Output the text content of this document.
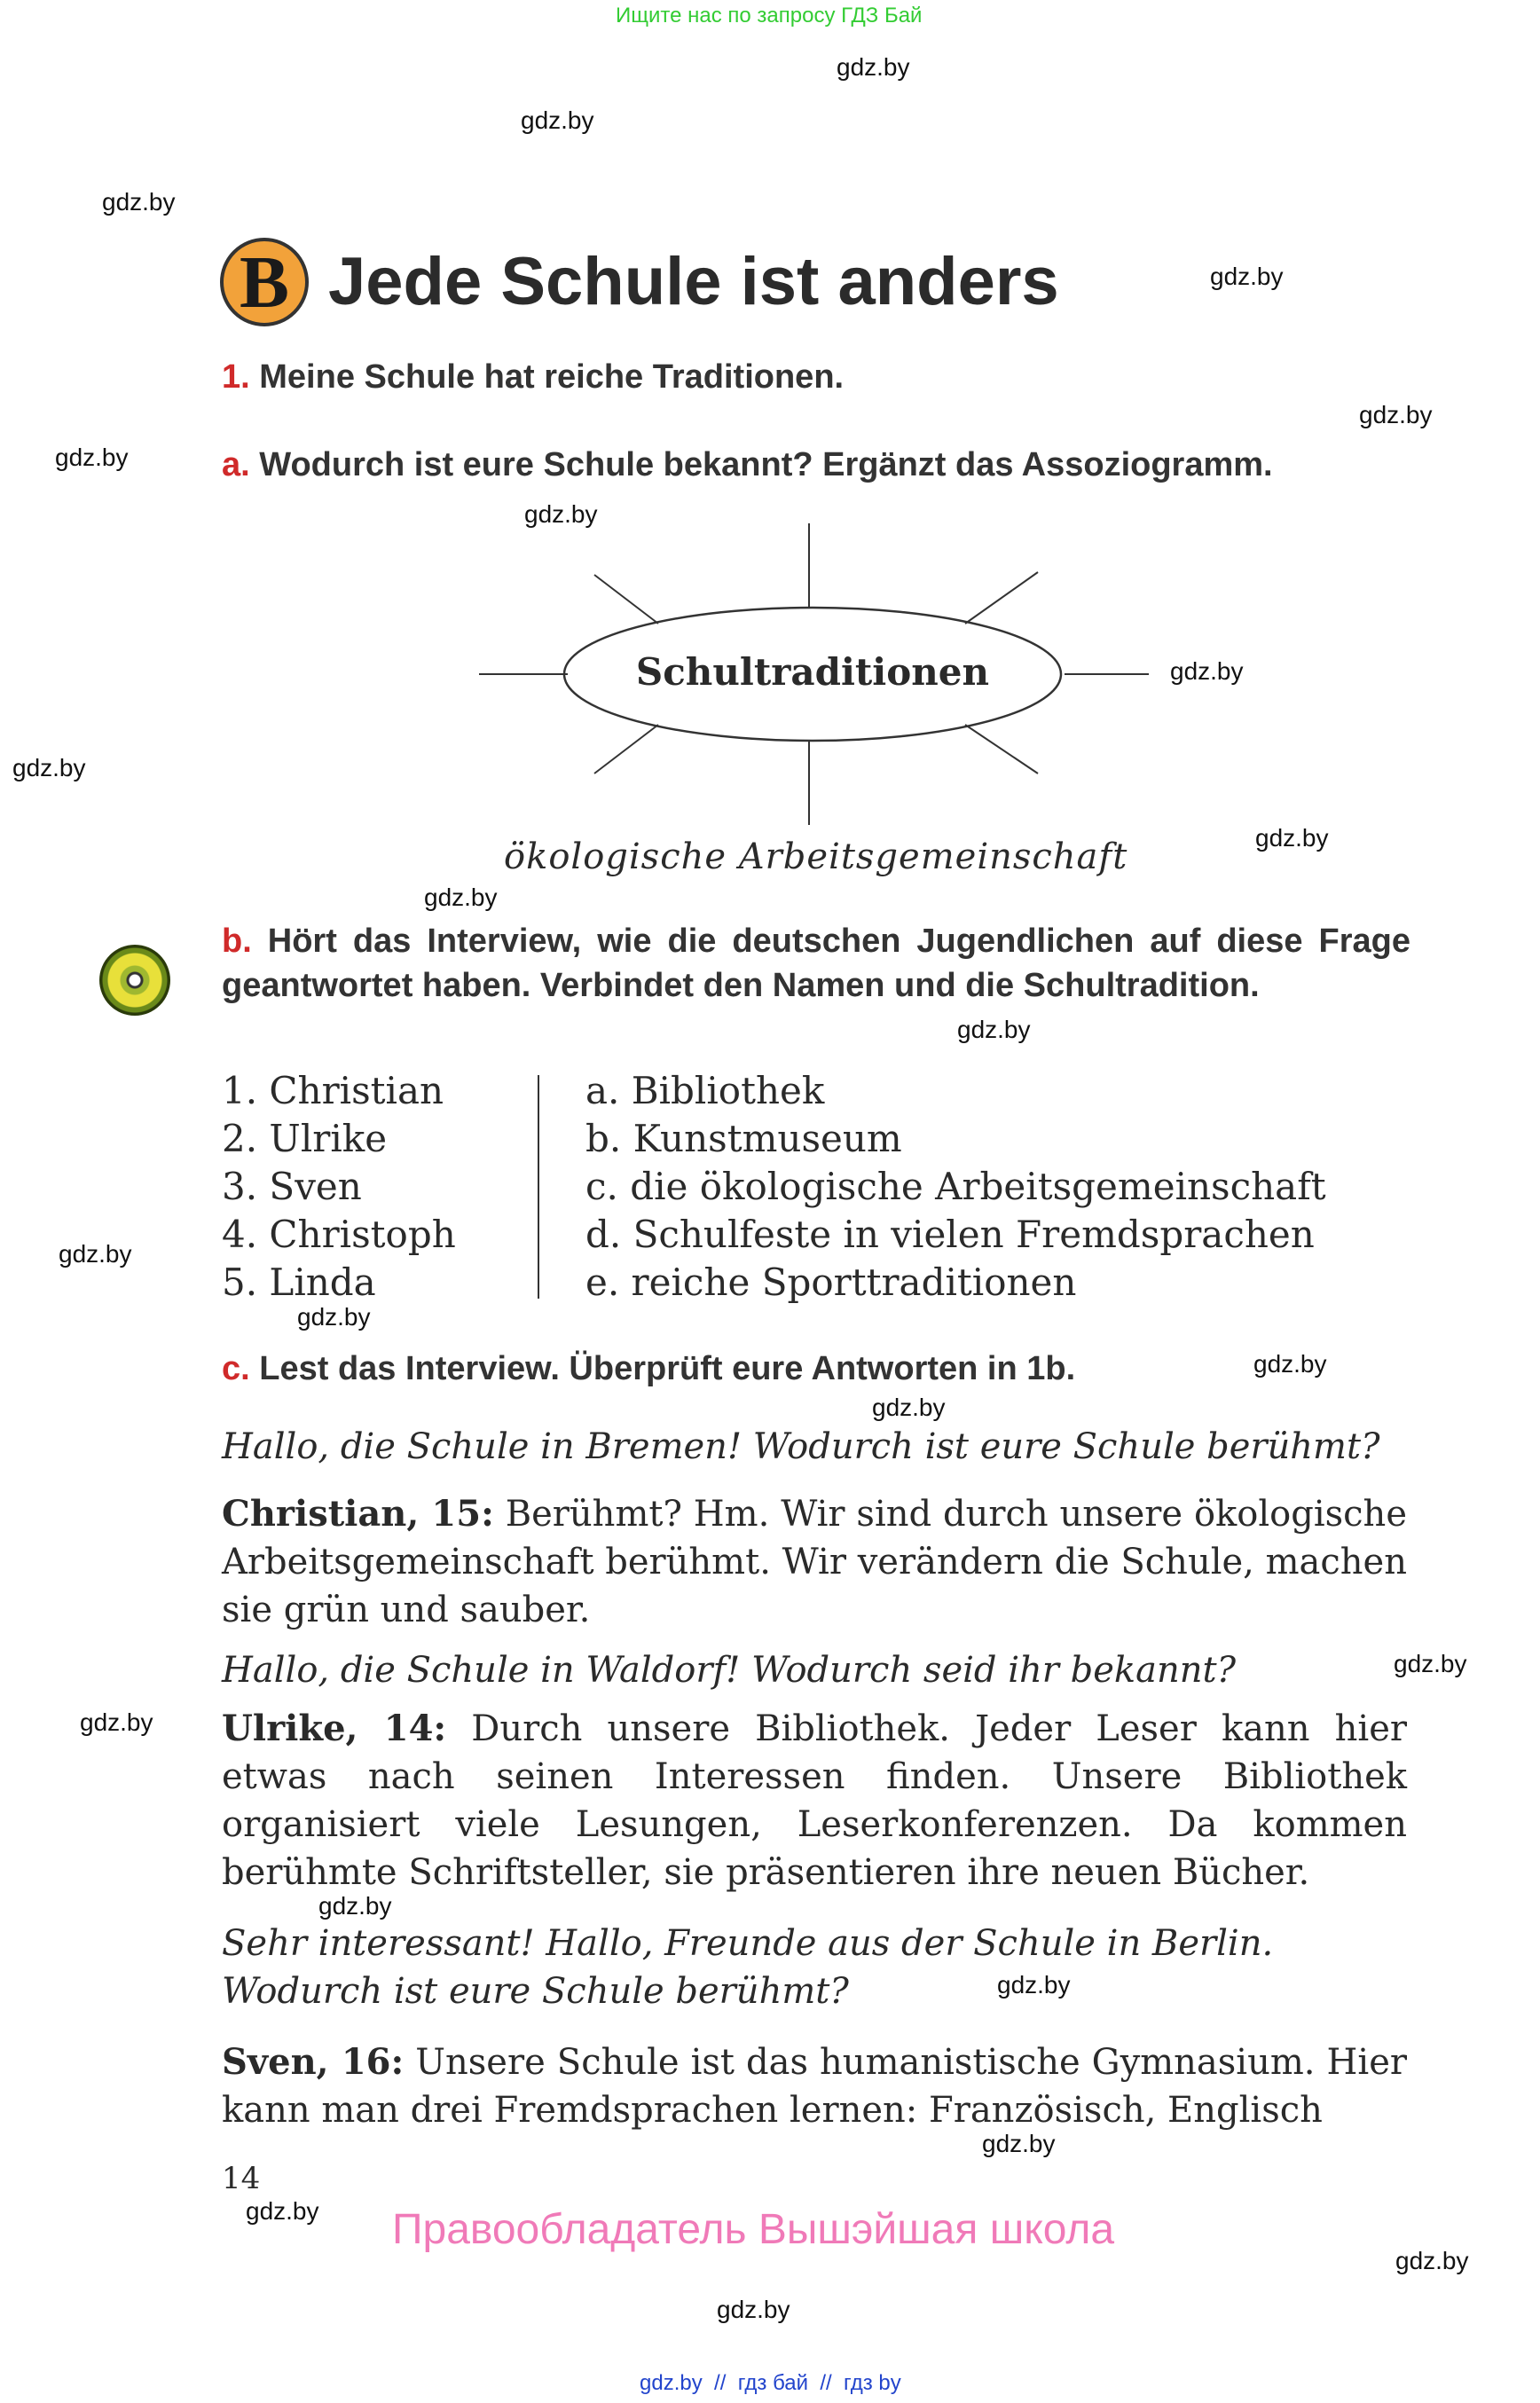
Ищите нас по запросу ГДЗ Бай
gdz.by
gdz.by
gdz.by
gdz.by
gdz.by
gdz.by
gdz.by
gdz.by
gdz.by
gdz.by
gdz.by
gdz.by
gdz.by
gdz.by
gdz.by
gdz.by
gdz.by
gdz.by
gdz.by
gdz.by
gdz.by
gdz.by
gdz.by
gdz.by
B Jede Schule ist anders
1. Meine Schule hat reiche Traditionen.
a. Wodurch ist eure Schule bekannt? Ergänzt das Assoziogramm.
Schultraditionen
ökologische Arbeitsgemeinschaft
b. Hört das Interview, wie die deutschen Jugendlichen auf diese Frage geantwortet haben. Verbindet den Namen und die Schultradition.
1. Christian
2. Ulrike
3. Sven
4. Christoph
5. Linda
a. Bibliothek
b. Kunstmuseum
c. die ökologische Arbeitsgemeinschaft
d. Schulfeste in vielen Fremdsprachen
e. reiche Sporttraditionen
c. Lest das Interview. Überprüft eure Antworten in 1b.
Hallo, die Schule in Bremen! Wodurch ist eure Schule berühmt?
Christian, 15: Berühmt? Hm. Wir sind durch unsere ökologische Arbeitsgemeinschaft berühmt. Wir verändern die Schule, machen sie grün und sauber.
Hallo, die Schule in Waldorf! Wodurch seid ihr bekannt?
Ulrike, 14: Durch unsere Bibliothek. Jeder Leser kann hier etwas nach seinen Interessen finden. Unsere Bibliothek organisiert viele Lesungen, Leserkonferenzen. Da kommen berühmte Schriftsteller, sie präsentieren ihre neuen Bücher.
Sehr interessant! Hallo, Freunde aus der Schule in Berlin. Wodurch ist eure Schule berühmt?
Sven, 16: Unsere Schule ist das humanistische Gymnasium. Hier kann man drei Fremdsprachen lernen: Französisch, Englisch
14
Правообладатель Вышэйшая школа
gdz.by  //  гдз бай  //  гдз by
